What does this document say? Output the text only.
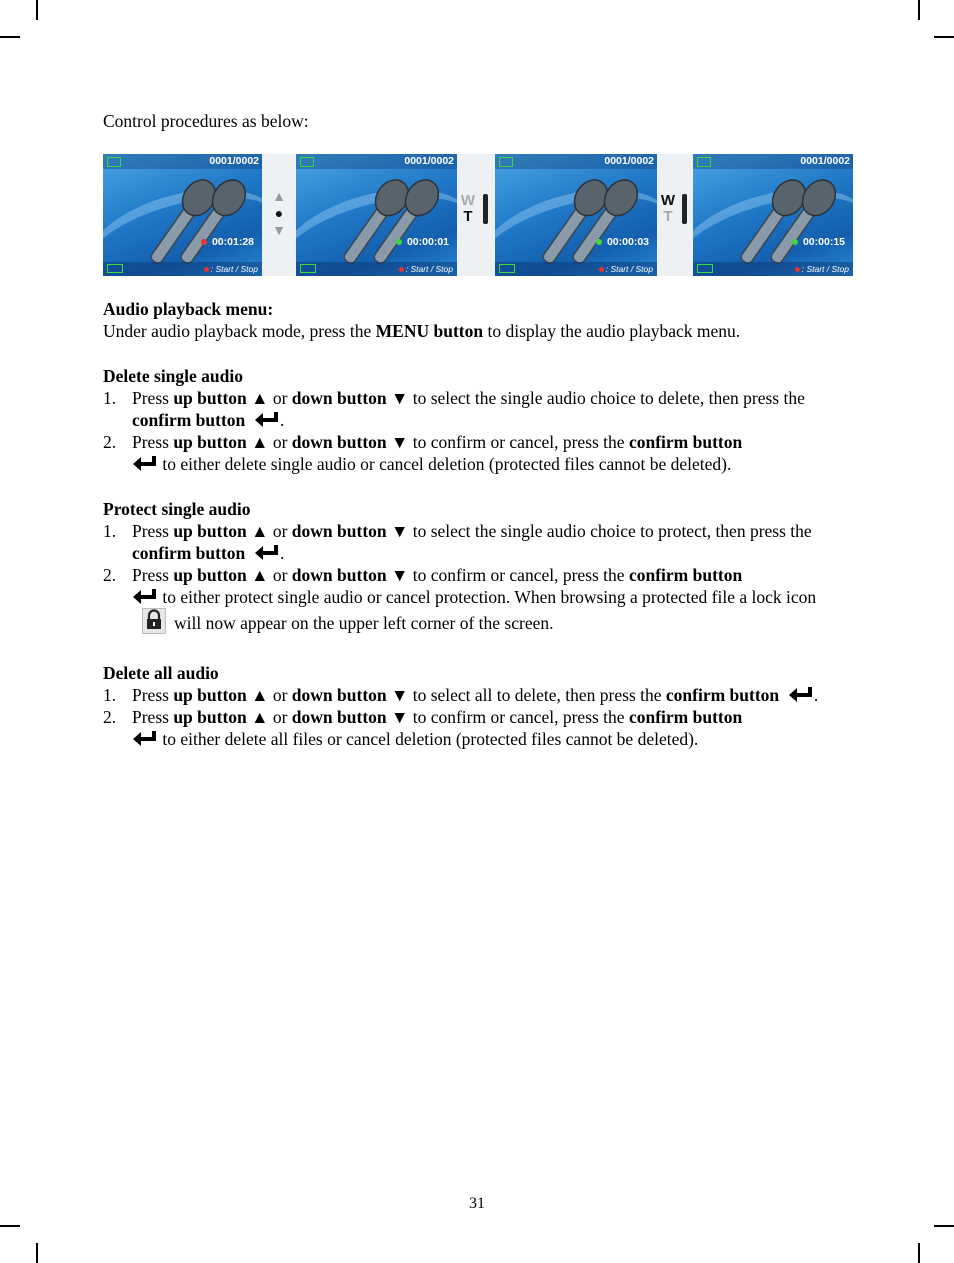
Control procedures as below:
0001/0002
00:01:28
: Start / Stop
▲
●
▼
0001/0002
00:00:01
: Start / Stop
W
T
0001/0002
00:00:03
: Start / Stop
W
T
0001/0002
00:00:15
: Start / Stop
Audio playback menu:
Under audio playback mode, press the MENU button to display the audio playback menu.
Delete single audio
1. Press up button ▲ or down button ▼ to select the single audio choice to delete, then press the confirm button .
2. Press up button ▲ or down button ▼ to confirm or cancel, press the confirm button
to either delete single audio or cancel deletion (protected files cannot be deleted).
Protect single audio
1. Press up button ▲ or down button ▼ to select the single audio choice to protect, then press the confirm button .
2. Press up button ▲ or down button ▼ to confirm or cancel, press the confirm button
to either protect single audio or cancel protection. When browsing a protected file a lock iconwill now appear on the upper left corner of the screen.
Delete all audio
1. Press up button ▲ or down button ▼ to select all to delete, then press the confirm button .
2. Press up button ▲ or down button ▼ to confirm or cancel, press the confirm button
to either delete all files or cancel deletion (protected files cannot be deleted).
31
